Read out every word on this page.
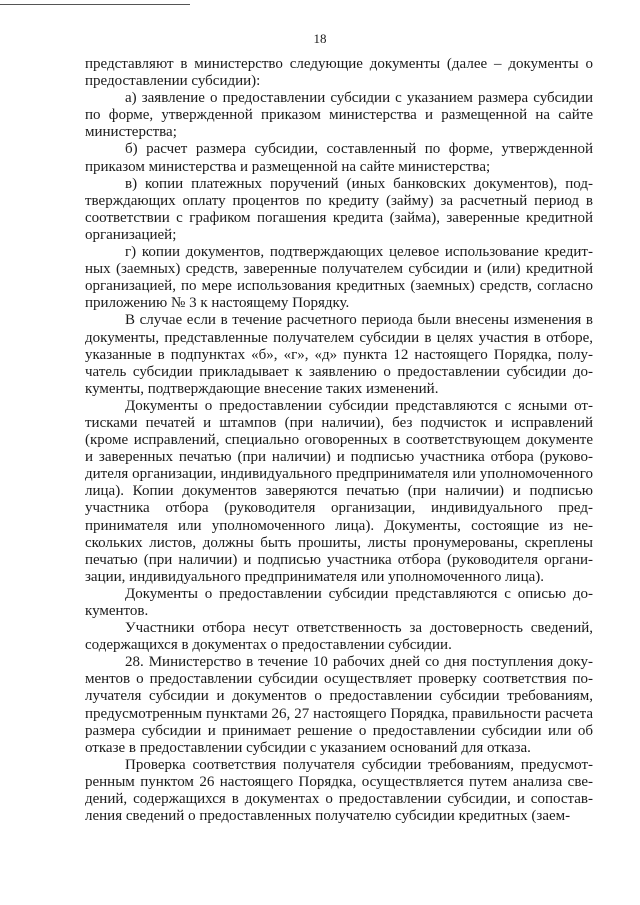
18

представляют в министерство следующие документы (далее – документы о предоставлении субсидии):

а) заявление о предоставлении субсидии с указанием размера субсидии по форме, утвержденной приказом министерства и размещенной на сайте министерства;

б) расчет размера субсидии, составленный по форме, утвержденной приказом министерства и размещенной на сайте министерства;

в) копии платежных поручений (иных банковских документов), подтверждающих оплату процентов по кредиту (займу) за расчетный период в соответствии с графиком погашения кредита (займа), заверенные кредитной организацией;

г) копии документов, подтверждающих целевое использование кредитных (заемных) средств, заверенные получателем субсидии и (или) кредитной организацией, по мере использования кредитных (заемных) средств, согласно приложению № 3 к настоящему Порядку.

В случае если в течение расчетного периода были внесены изменения в документы, представленные получателем субсидии в целях участия в отборе, указанные в подпунктах «б», «г», «д» пункта 12 настоящего Порядка, получатель субсидии прикладывает к заявлению о предоставлении субсидии документы, подтверждающие внесение таких изменений.

Документы о предоставлении субсидии представляются с ясными оттисками печатей и штампов (при наличии), без подчисток и исправлений (кроме исправлений, специально оговоренных в соответствующем документе и заверенных печатью (при наличии) и подписью участника отбора (руководителя организации, индивидуального предпринимателя или уполномоченного лица). Копии документов заверяются печатью (при наличии) и подписью участника отбора (руководителя организации, индивидуального предпринимателя или уполномоченного лица). Документы, состоящие из нескольких листов, должны быть прошиты, листы пронумерованы, скреплены печатью (при наличии) и подписью участника отбора (руководителя организации, индивидуального предпринимателя или уполномоченного лица).

Документы о предоставлении субсидии представляются с описью документов.

Участники отбора несут ответственность за достоверность сведений, содержащихся в документах о предоставлении субсидии.

28. Министерство в течение 10 рабочих дней со дня поступления документов о предоставлении субсидии осуществляет проверку соответствия получателя субсидии и документов о предоставлении субсидии требованиям, предусмотренным пунктами 26, 27 настоящего Порядка, правильности расчета размера субсидии и принимает решение о предоставлении субсидии или об отказе в предоставлении субсидии с указанием оснований для отказа.

Проверка соответствия получателя субсидии требованиям, предусмотренным пунктом 26 настоящего Порядка, осуществляется путем анализа сведений, содержащихся в документах о предоставлении субсидии, и сопоставления сведений о предоставленных получателю субсидии кредитных (заем-
